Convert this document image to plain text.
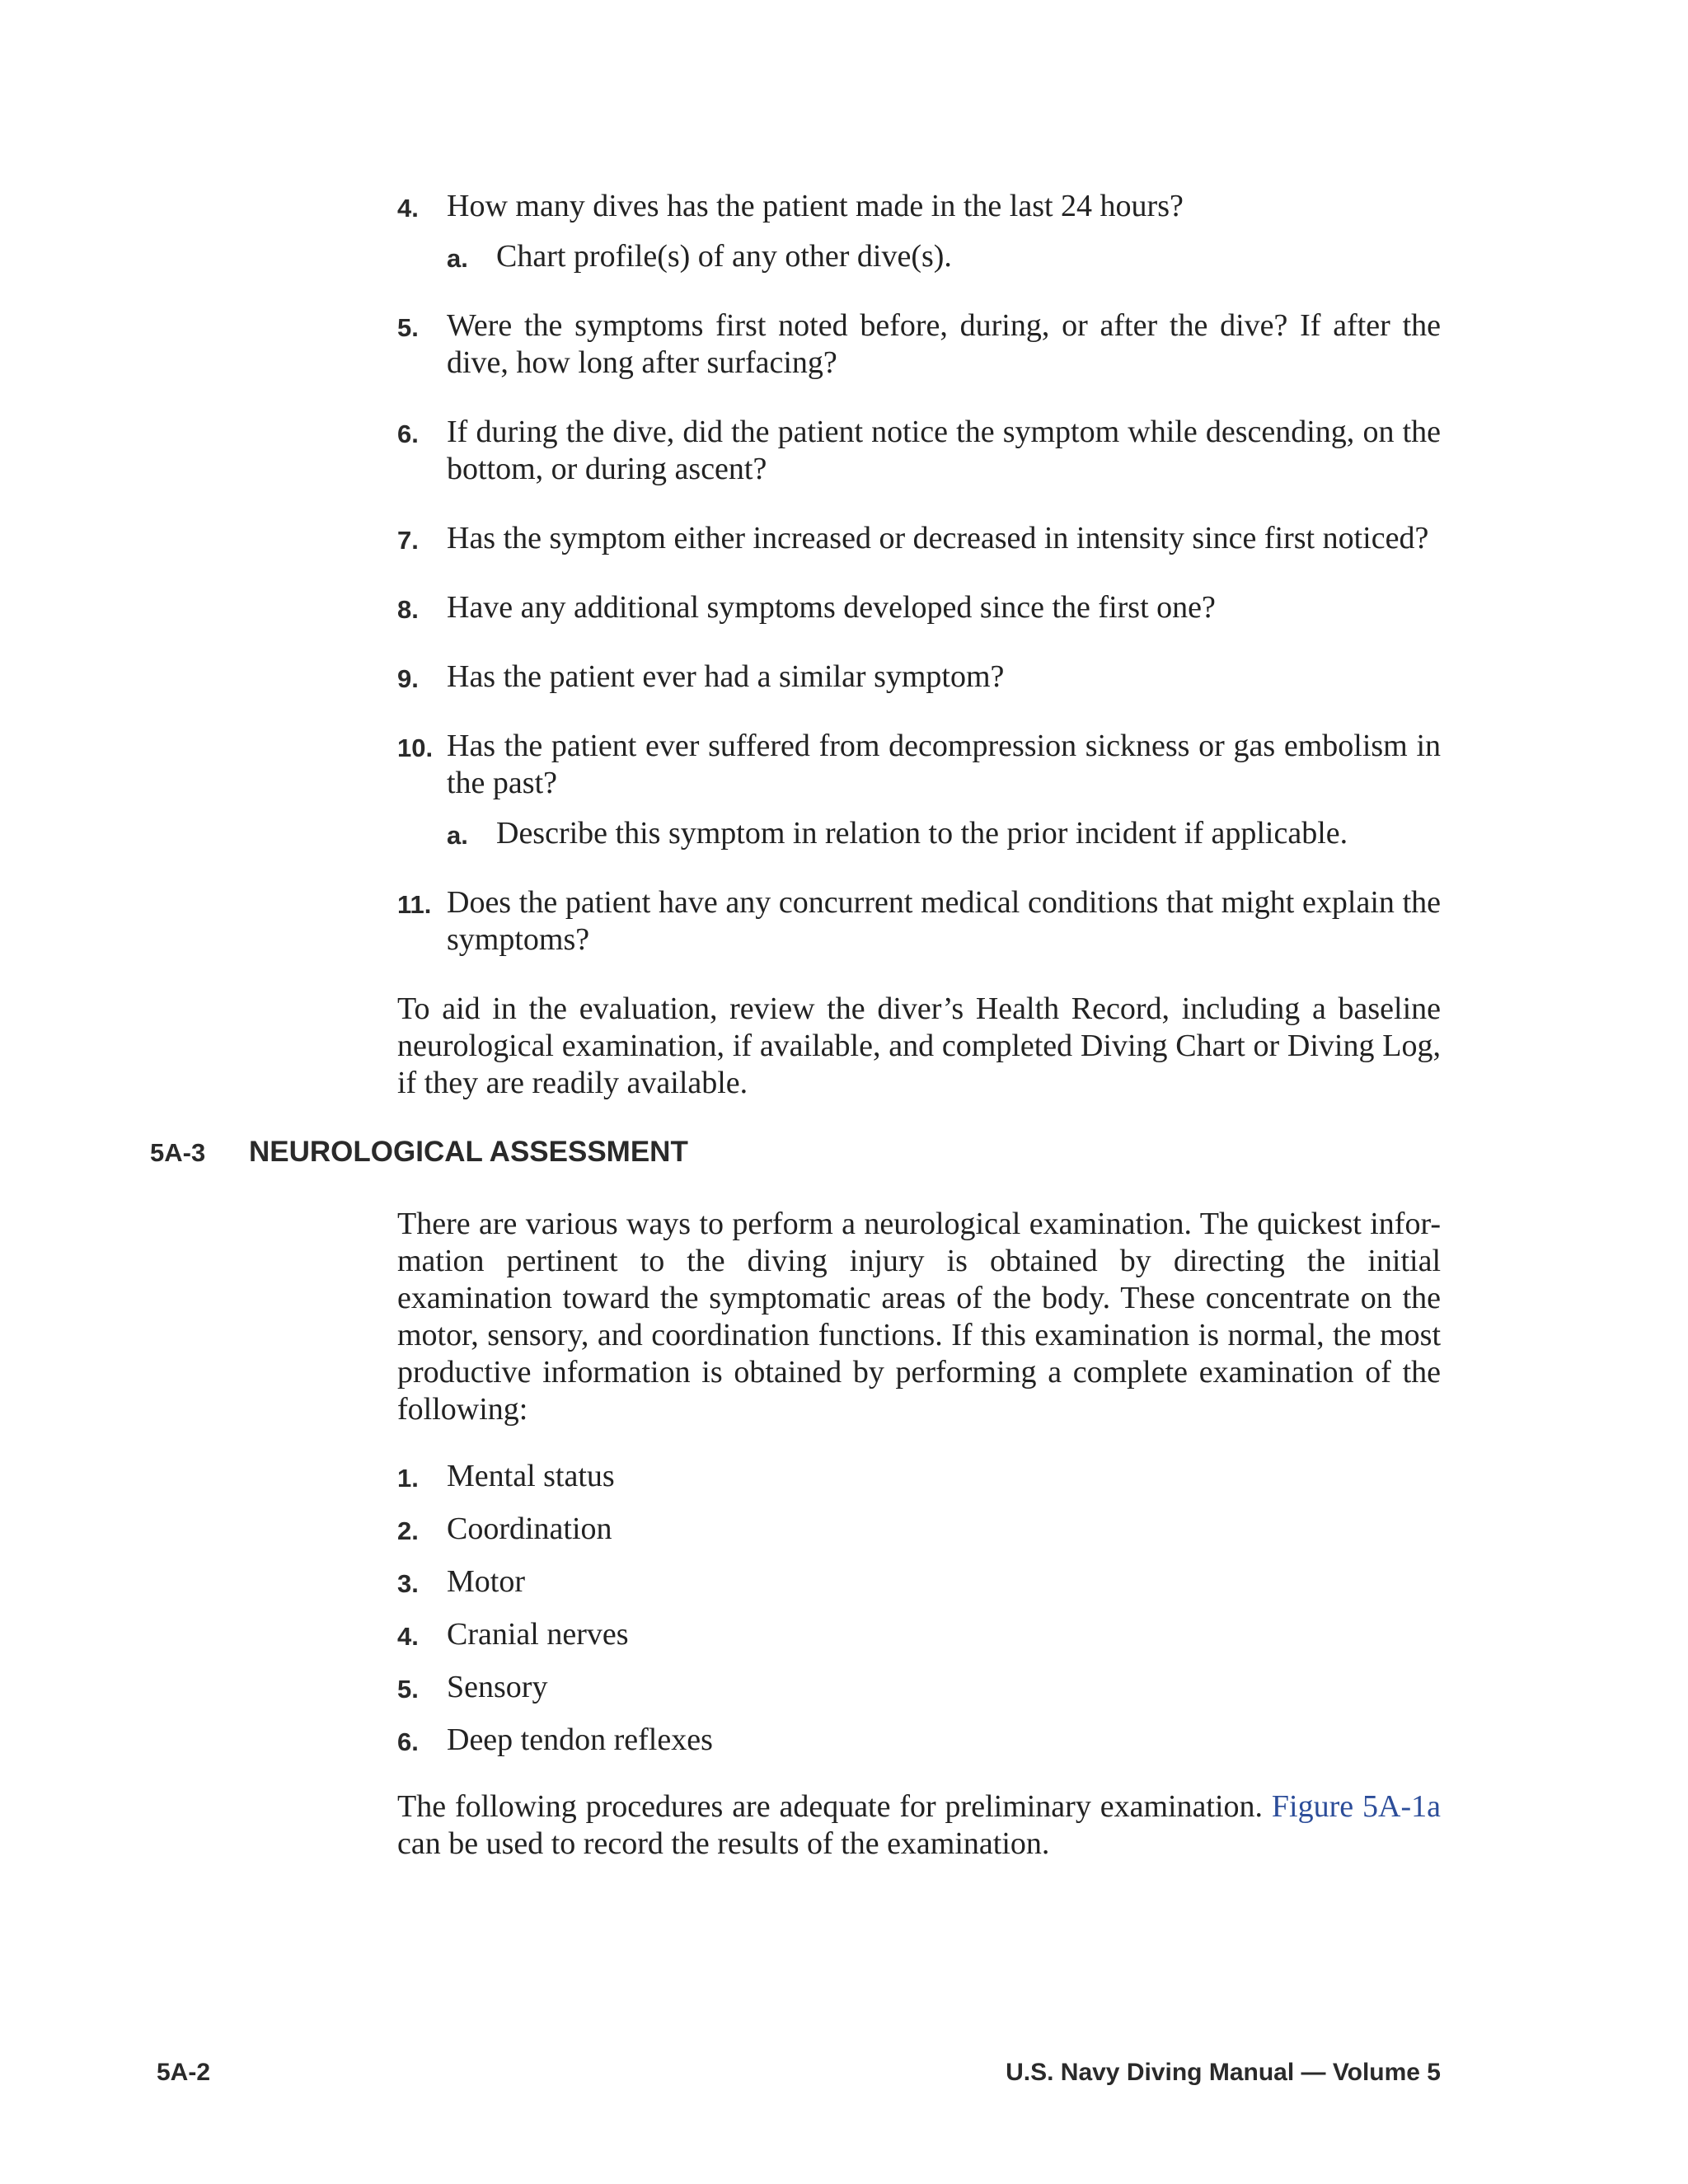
4. How many dives has the patient made in the last 24 hours?
a. Chart profile(s) of any other dive(s).
5. Were the symptoms first noted before, during, or after the dive? If after the dive, how long after surfacing?
6. If during the dive, did the patient notice the symptom while descending, on the bottom, or during ascent?
7. Has the symptom either increased or decreased in intensity since first noticed?
8. Have any additional symptoms developed since the first one?
9. Has the patient ever had a similar symptom?
10. Has the patient ever suffered from decompression sickness or gas embolism in the past?
a. Describe this symptom in relation to the prior incident if applicable.
11. Does the patient have any concurrent medical conditions that might explain the symptoms?
To aid in the evaluation, review the diver’s Health Record, including a baseline neurological examination, if available, and completed Diving Chart or Diving Log, if they are readily available.
5A-3 NEUROLOGICAL ASSESSMENT
There are various ways to perform a neurological examination. The quickest infor-mation pertinent to the diving injury is obtained by directing the initial examination toward the symptomatic areas of the body. These concentrate on the motor, sensory, and coordination functions. If this examination is normal, the most productive information is obtained by performing a complete examination of the following:
1. Mental status
2. Coordination
3. Motor
4. Cranial nerves
5. Sensory
6. Deep tendon reflexes
The following procedures are adequate for preliminary examination. Figure 5A-1a can be used to record the results of the examination.
5A-2	U.S. Navy Diving Manual — Volume 5
